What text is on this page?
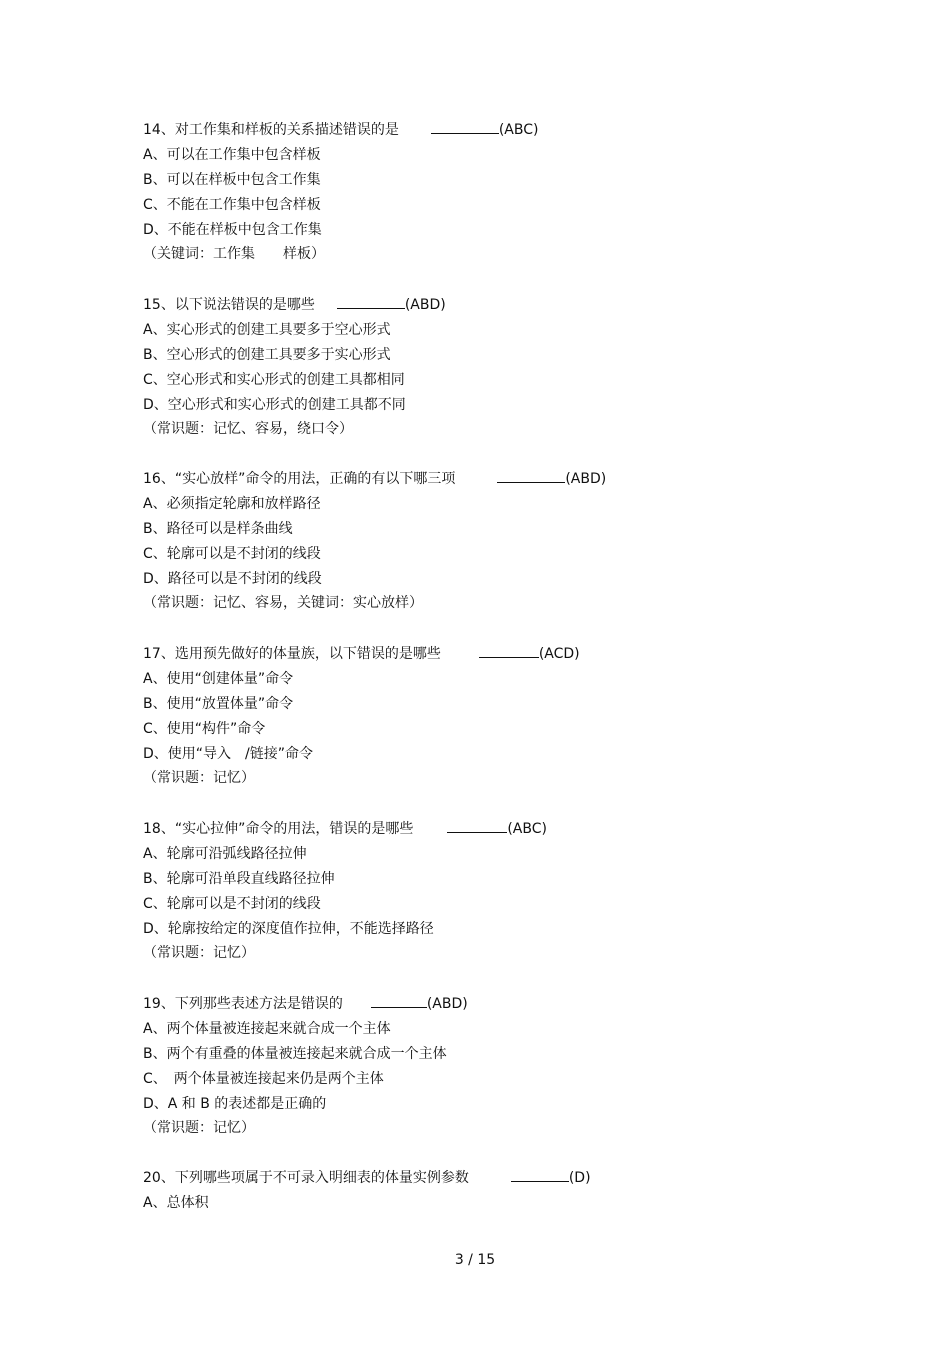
14、对工作集和样板的关系描述错误的是	(ABC)
A、可以在工作集中包含样板
B、可以在样板中包含工作集
C、不能在工作集中包含样板
D、不能在样板中包含工作集
（关键词：工作集　　样板）
15、以下说法错误的是哪些	(ABD)
A、实心形式的创建工具要多于空心形式
B、空心形式的创建工具要多于实心形式
C、空心形式和实心形式的创建工具都相同
D、空心形式和实心形式的创建工具都不同
（常识题：记忆、容易，绕口令）
16、“实心放样”命令的用法，正确的有以下哪三项	(ABD)
A、必须指定轮廓和放样路径
B、路径可以是样条曲线
C、轮廓可以是不封闭的线段
D、路径可以是不封闭的线段
（常识题：记忆、容易，关键词：实心放样）
17、选用预先做好的体量族，以下错误的是哪些	(ACD)
A、使用“创建体量”命令
B、使用“放置体量”命令
C、使用“构件”命令
D、使用“导入　/链接”命令
（常识题：记忆）
18、“实心拉伸”命令的用法，错误的是哪些	(ABC)
A、轮廓可沿弧线路径拉伸
B、轮廓可沿单段直线路径拉伸
C、轮廓可以是不封闭的线段
D、轮廓按给定的深度值作拉伸，不能选择路径
（常识题：记忆）
19、下列那些表述方法是错误的	(ABD)
A、两个体量被连接起来就合成一个主体
B、两个有重叠的体量被连接起来就合成一个主体
C、　两个体量被连接起来仍是两个主体
D、A 和 B 的表述都是正确的
（常识题：记忆）
20、下列哪些项属于不可录入明细表的体量实例参数	(D)
A、总体积
3 / 15
